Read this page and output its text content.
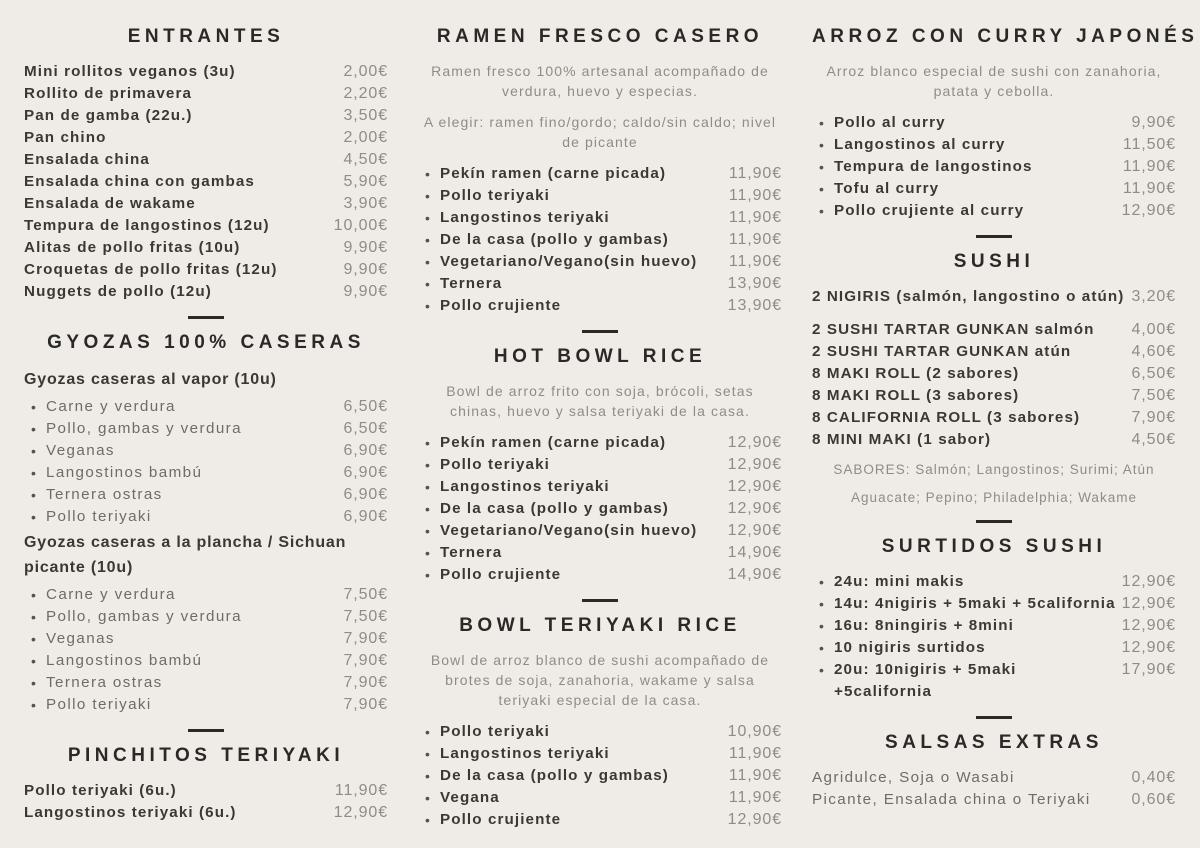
ENTRANTES
Mini rollitos veganos (3u)	2,00€
Rollito de primavera	2,20€
Pan de gamba (22u.)	3,50€
Pan chino	2,00€
Ensalada china	4,50€
Ensalada china con gambas	5,90€
Ensalada de wakame	3,90€
Tempura de langostinos (12u)	10,00€
Alitas de pollo fritas (10u)	9,90€
Croquetas de pollo fritas (12u)	9,90€
Nuggets de pollo (12u)	9,90€
GYOZAS 100% CASERAS
Gyozas caseras al vapor (10u)
• Carne y verdura	6,50€
• Pollo, gambas y verdura	6,50€
• Veganas	6,90€
• Langostinos bambú	6,90€
• Ternera ostras	6,90€
• Pollo teriyaki	6,90€
Gyozas caseras a la plancha / Sichuan picante (10u)
• Carne y verdura	7,50€
• Pollo, gambas y verdura	7,50€
• Veganas	7,90€
• Langostinos bambú	7,90€
• Ternera ostras	7,90€
• Pollo teriyaki	7,90€
PINCHITOS TERIYAKI
Pollo teriyaki (6u.)	11,90€
Langostinos teriyaki (6u.)	12,90€
RAMEN FRESCO CASERO

Ramen fresco 100% artesanal acompañado de verdura, huevo y especias.

A elegir: ramen fino/gordo; caldo/sin caldo; nivel de picante

• Pekín ramen (carne picada)	11,90€
• Pollo teriyaki	11,90€
• Langostinos teriyaki	11,90€
• De la casa (pollo y gambas)	11,90€
• Vegetariano/Vegano(sin huevo) 11,90€
• Ternera	13,90€
• Pollo crujiente	13,90€
HOT BOWL RICE

Bowl de arroz frito con soja, brócoli, setas chinas, huevo y salsa teriyaki de la casa.

• Pekín ramen (carne picada)	12,90€
• Pollo teriyaki	12,90€
• Langostinos teriyaki	12,90€
• De la casa (pollo y gambas)	12,90€
• Vegetariano/Vegano(sin huevo) 12,90€
• Ternera	14,90€
• Pollo crujiente	14,90€
BOWL TERIYAKI RICE

Bowl de arroz blanco de sushi acompañado de brotes de soja, zanahoria, wakame y salsa teriyaki especial de la casa.

• Pollo teriyaki	10,90€
• Langostinos teriyaki	11,90€
• De la casa (pollo y gambas)	11,90€
• Vegana	11,90€
• Pollo crujiente	12,90€
ARROZ CON CURRY JAPONÉS

Arroz blanco especial de sushi con zanahoria, patata y cebolla.

• Pollo al curry	9,90€
• Langostinos al curry	11,50€
• Tempura de langostinos	11,90€
• Tofu al curry	11,90€
• Pollo crujiente al curry	12,90€
SUSHI
2 NIGIRIS (salmón, langostino o atún) 3,20€
2 SUSHI TARTAR GUNKAN salmón 4,00€
2 SUSHI TARTAR GUNKAN atún	4,60€
8 MAKI ROLL (2 sabores)	6,50€
8 MAKI ROLL (3 sabores)	7,50€
8 CALIFORNIA ROLL (3 sabores)	7,90€
8 MINI MAKI (1 sabor)	4,50€

SABORES: Salmón; Langostinos; Surimi; Atún

Aguacate; Pepino; Philadelphia; Wakame

SURTIDOS SUSHI
• 24u: mini makis	12,90€
• 14u: 4nigiris + 5maki + 5california 12,90€
• 16u: 8ningiris + 8mini	12,90€
• 10 nigiris surtidos	12,90€
• 20u: 10nigiris + 5maki +5california
17,90€
SALSAS EXTRAS
Agridulce, Soja o Wasabi	0,40€
Picante, Ensalada china o Teriyaki	0,60€
